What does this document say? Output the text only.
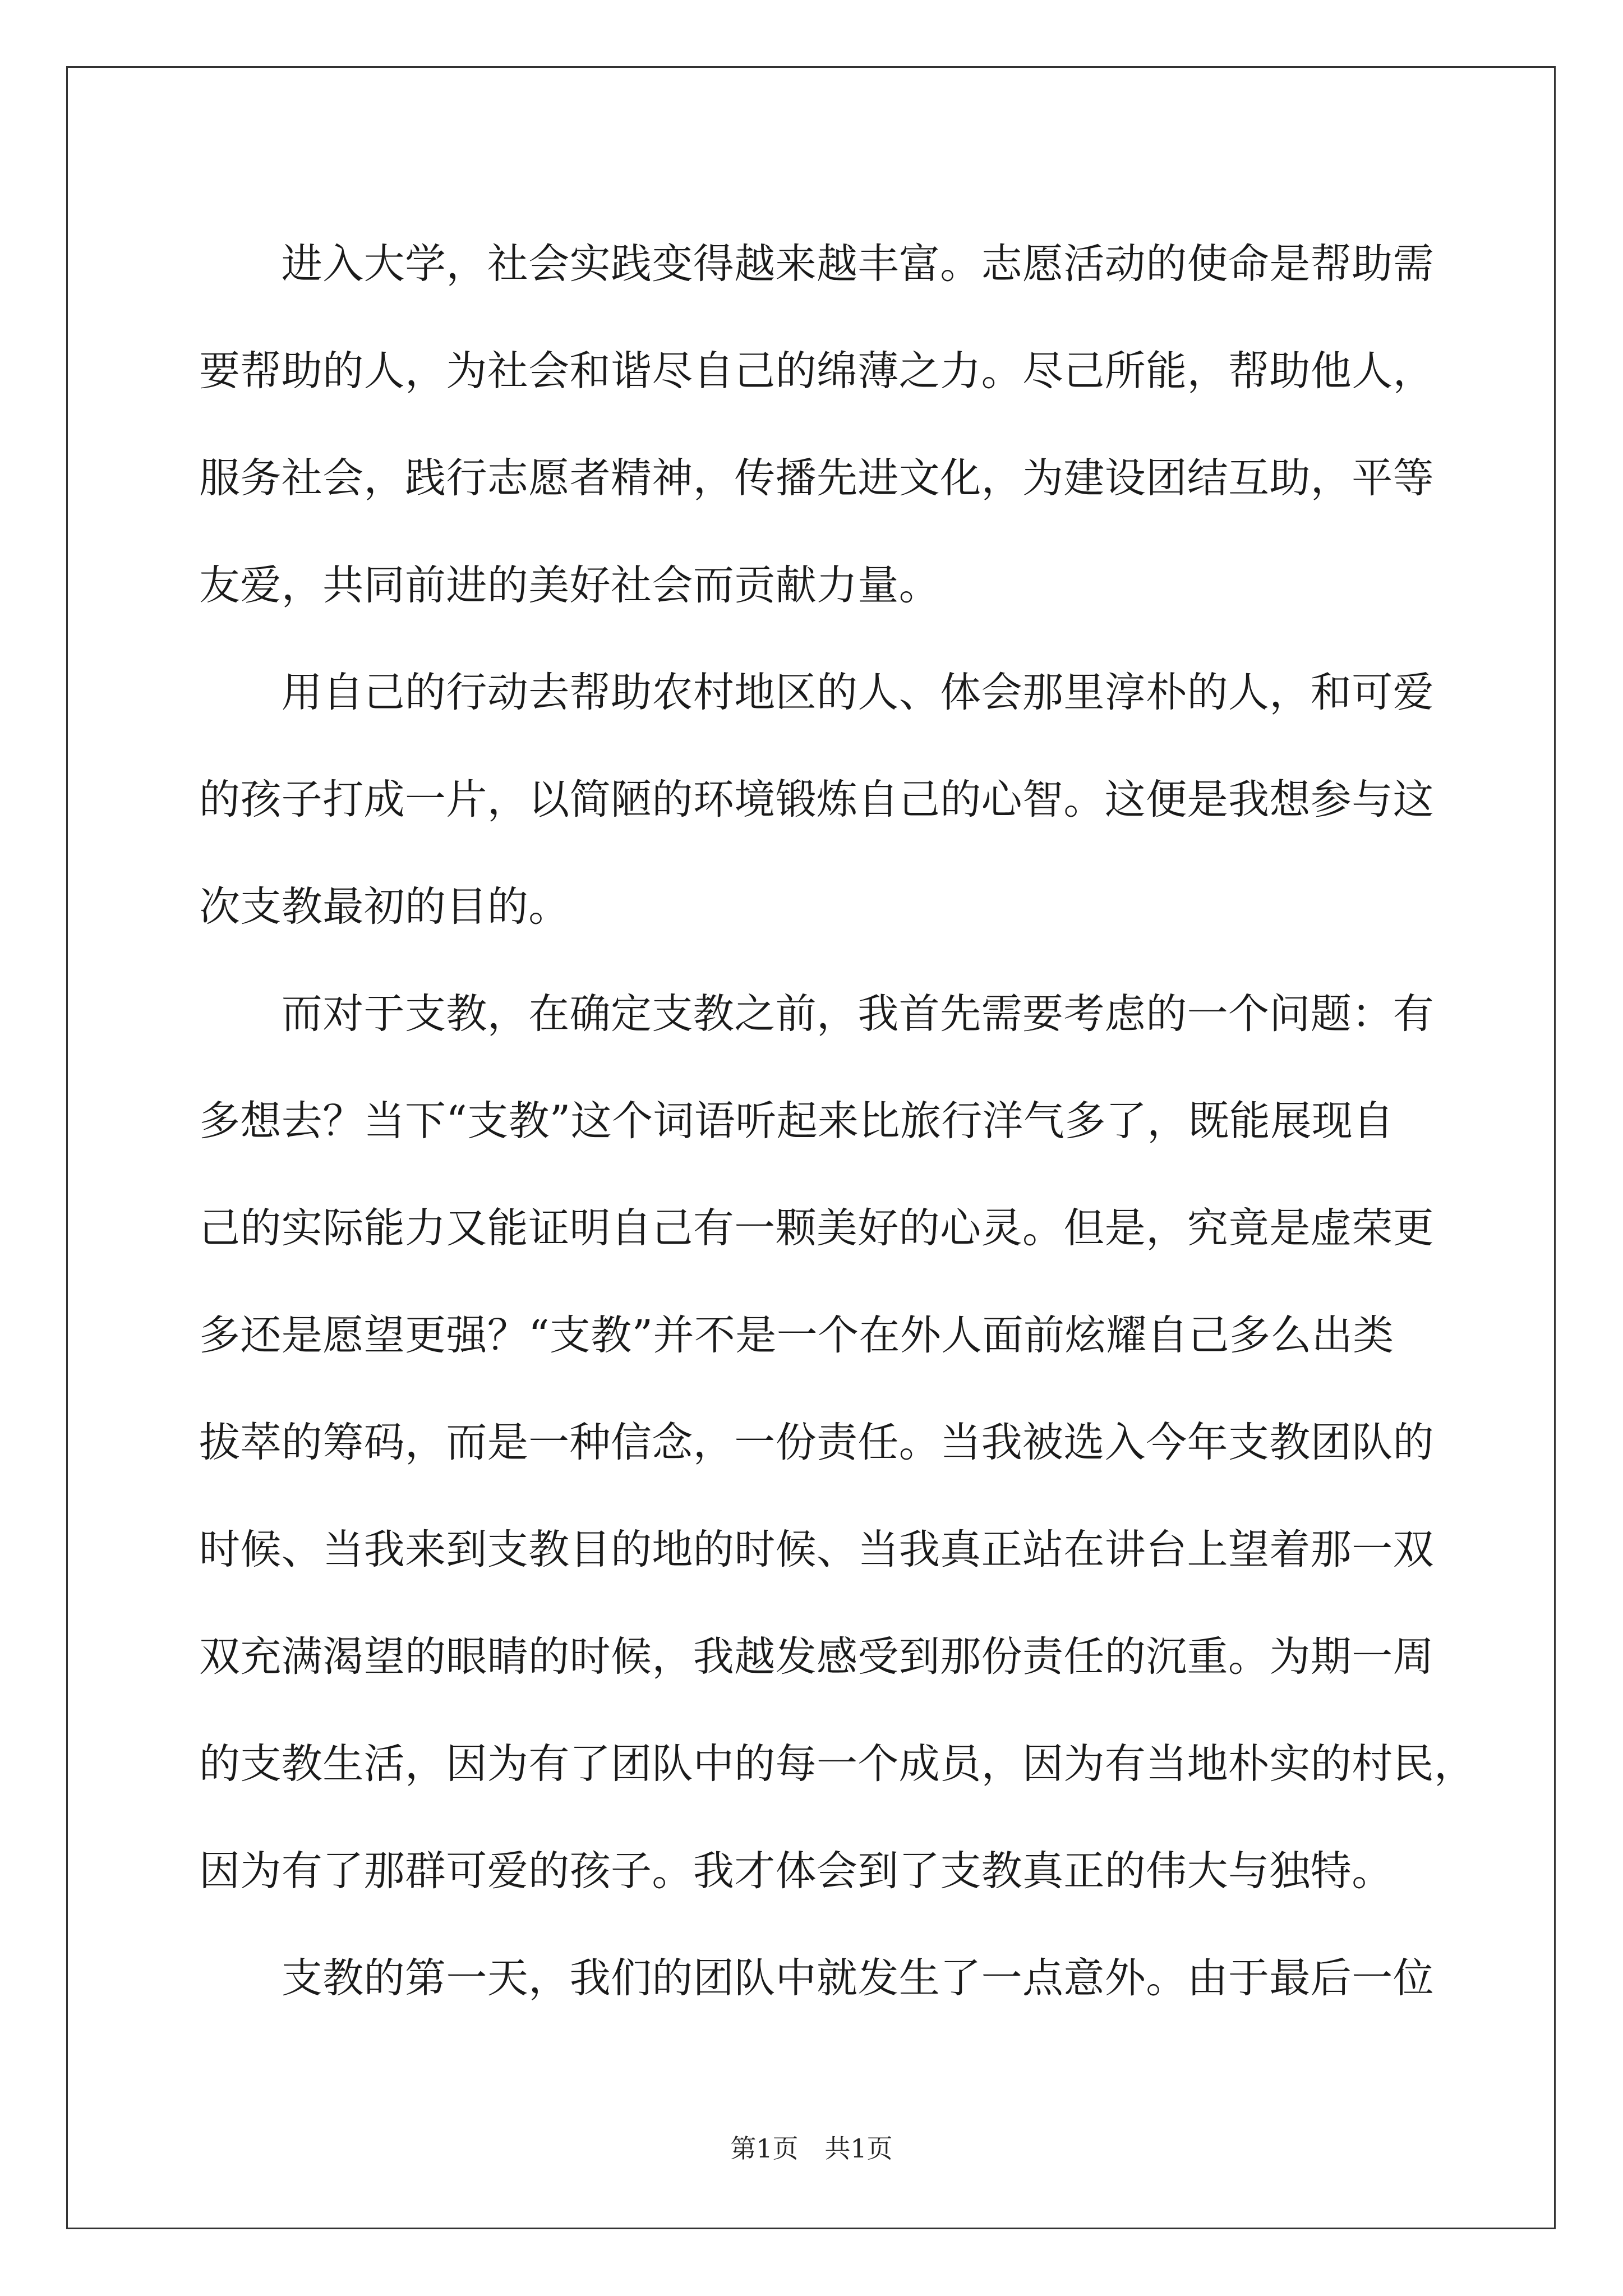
　　进入大学，社会实践变得越来越丰富。志愿活动的使命是帮助需
要帮助的人，为社会和谐尽自己的绵薄之力。尽己所能，帮助他人，
服务社会，践行志愿者精神，传播先进文化，为建设团结互助，平等
友爱，共同前进的美好社会而贡献力量。
　　用自己的行动去帮助农村地区的人、体会那里淳朴的人，和可爱
的孩子打成一片，以简陋的环境锻炼自己的心智。这便是我想参与这
次支教最初的目的。
　　而对于支教，在确定支教之前，我首先需要考虑的一个问题：有
多想去？当下“支教”这个词语听起来比旅行洋气多了，既能展现自
己的实际能力又能证明自己有一颗美好的心灵。但是，究竟是虚荣更
多还是愿望更强？“支教”并不是一个在外人面前炫耀自己多么出类
拔萃的筹码，而是一种信念，一份责任。当我被选入今年支教团队的
时候、当我来到支教目的地的时候、当我真正站在讲台上望着那一双
双充满渴望的眼睛的时候，我越发感受到那份责任的沉重。为期一周
的支教生活，因为有了团队中的每一个成员，因为有当地朴实的村民，
因为有了那群可爱的孩子。我才体会到了支教真正的伟大与独特。
　　支教的第一天，我们的团队中就发生了一点意外。由于最后一位
第1页 共1页
